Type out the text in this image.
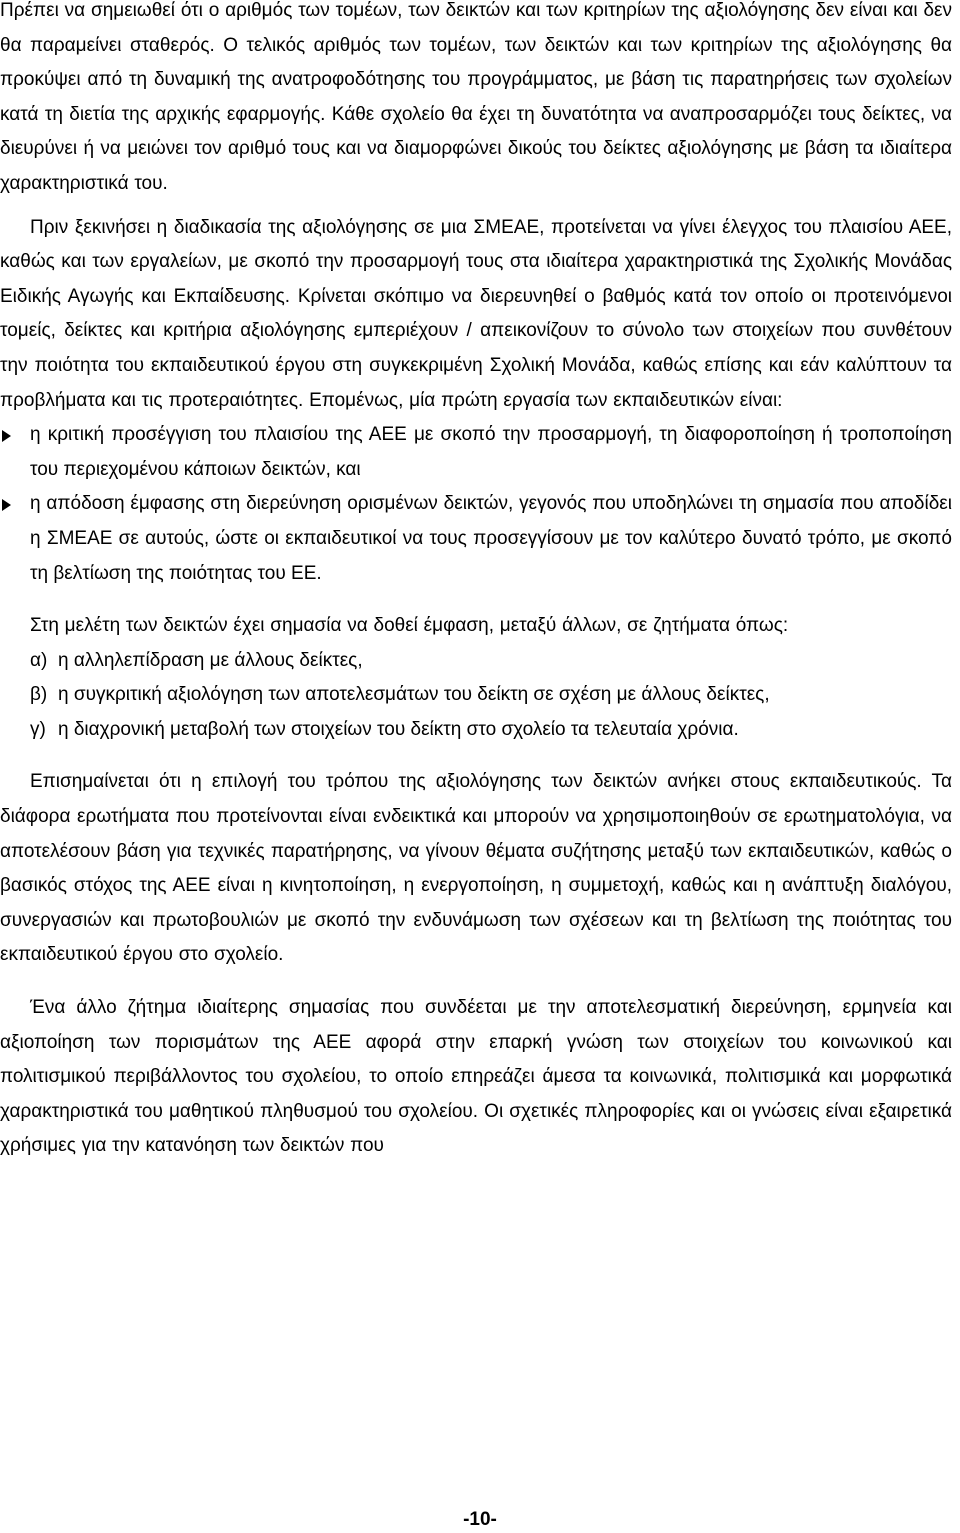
Πρέπει να σημειωθεί ότι ο αριθμός των τομέων, των δεικτών και των κριτηρίων της αξιολόγησης δεν είναι και δεν θα παραμείνει σταθερός. Ο τελικός αριθμός των τομέων, των δεικτών και των κριτηρίων της αξιολόγησης θα προκύψει από τη δυναμική της ανατροφοδότησης του προγράμματος, με βάση τις παρατηρήσεις των σχολείων κατά τη διετία της αρχικής εφαρμογής. Κάθε σχολείο θα έχει τη δυνατότητα να αναπροσαρμόζει τους δείκτες, να διευρύνει ή να μειώνει τον αριθμό τους και να διαμορφώνει δικούς του δείκτες αξιολόγησης με βάση τα ιδιαίτερα χαρακτηριστικά του.

Πριν ξεκινήσει η διαδικασία της αξιολόγησης σε μια ΣΜΕΑΕ, προτείνεται να γίνει έλεγχος του πλαισίου ΑΕΕ, καθώς και των εργαλείων, με σκοπό την προσαρμογή τους στα ιδιαίτερα χαρακτηριστικά της Σχολικής Μονάδας Ειδικής Αγωγής και Εκπαίδευσης. Κρίνεται σκόπιμο να διερευνηθεί ο βαθμός κατά τον οποίο οι προτεινόμενοι τομείς, δείκτες και κριτήρια αξιολόγησης εμπεριέχουν / απεικονίζουν το σύνολο των στοιχείων που συνθέτουν την ποιότητα του εκπαιδευτικού έργου στη συγκεκριμένη Σχολική Μονάδα, καθώς επίσης και εάν καλύπτουν τα προβλήματα και τις προτεραιότητες. Επομένως, μία πρώτη εργασία των εκπαιδευτικών είναι:

η κριτική προσέγγιση του πλαισίου της ΑΕΕ με σκοπό την προσαρμογή, τη διαφοροποίηση ή τροποποίηση του περιεχομένου κάποιων δεικτών, και
η απόδοση έμφασης στη διερεύνηση ορισμένων δεικτών, γεγονός που υποδηλώνει τη σημασία που αποδίδει η ΣΜΕΑΕ σε αυτούς, ώστε οι εκπαιδευτικοί να τους προσεγγίσουν με τον καλύτερο δυνατό τρόπο, με σκοπό τη βελτίωση της ποιότητας του ΕΕ.

Στη μελέτη των δεικτών έχει σημασία να δοθεί έμφαση, μεταξύ άλλων, σε ζητήματα όπως:

α) η αλληλεπίδραση με άλλους δείκτες,
β) η συγκριτική αξιολόγηση των αποτελεσμάτων του δείκτη σε σχέση με άλλους δείκτες,
γ) η διαχρονική μεταβολή των στοιχείων του δείκτη στο σχολείο τα τελευταία χρόνια.

Επισημαίνεται ότι η επιλογή του τρόπου της αξιολόγησης των δεικτών ανήκει στους εκπαιδευτικούς. Τα διάφορα ερωτήματα που προτείνονται είναι ενδεικτικά και μπορούν να χρησιμοποιηθούν σε ερωτηματολόγια, να αποτελέσουν βάση για τεχνικές παρατήρησης, να γίνουν θέματα συζήτησης μεταξύ των εκπαιδευτικών, καθώς ο βασικός στόχος της ΑΕΕ είναι η κινητοποίηση, η ενεργοποίηση, η συμμετοχή, καθώς και η ανάπτυξη διαλόγου, συνεργασιών και πρωτοβουλιών με σκοπό την ενδυνάμωση των σχέσεων και τη βελτίωση της ποιότητας του εκπαιδευτικού έργου στο σχολείο.

Ένα άλλο ζήτημα ιδιαίτερης σημασίας που συνδέεται με την αποτελεσματική διερεύνηση, ερμηνεία και αξιοποίηση των πορισμάτων της ΑΕΕ αφορά στην επαρκή γνώση των στοιχείων του κοινωνικού και πολιτισμικού περιβάλλοντος του σχολείου, το οποίο επηρεάζει άμεσα τα κοινωνικά, πολιτισμικά και μορφωτικά χαρακτηριστικά του μαθητικού πληθυσμού του σχολείου. Οι σχετικές πληροφορίες και οι γνώσεις είναι εξαιρετικά χρήσιμες για την κατανόηση των δεικτών που

-10-
